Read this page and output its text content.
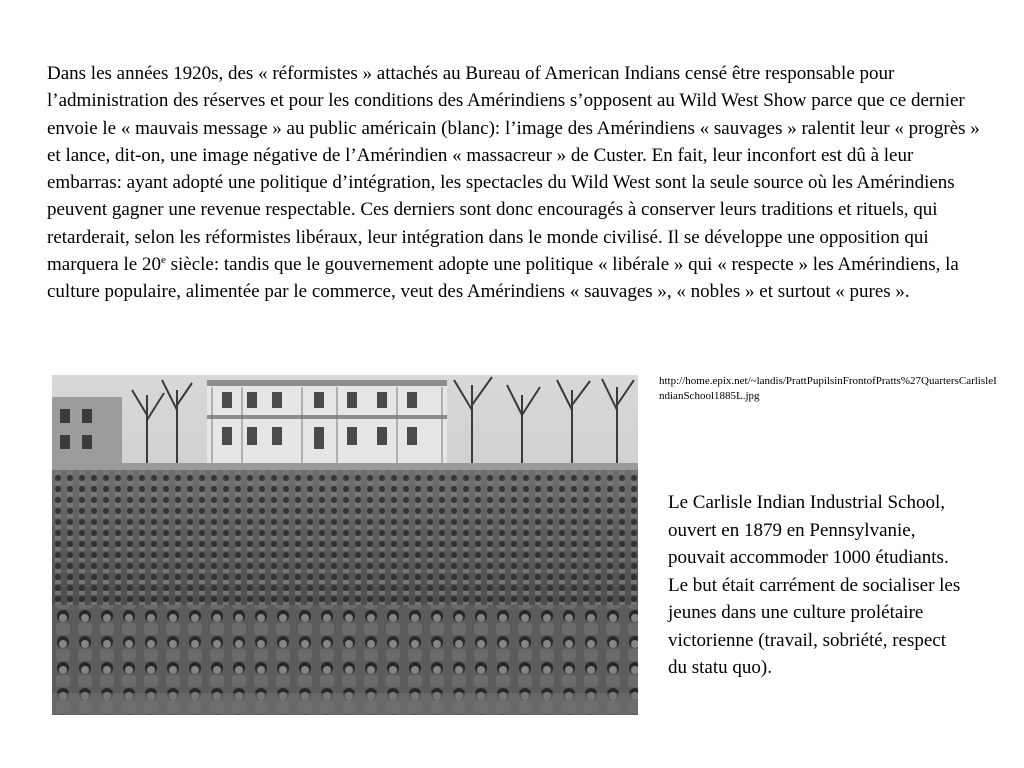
Dans les années 1920s, des « réformistes » attachés au Bureau of American Indians censé être responsable pour l’administration des réserves et pour les conditions des Amérindiens s’opposent au Wild West Show parce que ce dernier envoie le « mauvais message » au public américain (blanc): l’image des Amérindiens « sauvages » ralentit leur « progrès » et lance, dit-on, une image négative de l’Amérindien « massacreur » de Custer. En fait, leur inconfort est dû à leur embarras: ayant adopté une politique d’intégration, les spectacles du Wild West sont la seule source où les Amérindiens peuvent gagner une revenue respectable. Ces derniers sont donc encouragés à conserver leurs traditions et rituels, qui retarderait, selon les réformistes libéraux, leur intégration dans le monde civilisé. Il se développe une opposition qui marquera le 20e siècle: tandis que le gouvernement adopte une politique « libérale » qui « respecte » les Amérindiens, la culture populaire, alimentée par le commerce, veut des Amérindiens « sauvages », « nobles » et surtout « pures ».

http://home.epix.net/~landis/PrattPupilsinFrontofPratts%27QuartersCarlisleIndianSchool1885L.jpg

Le Carlisle Indian Industrial School, ouvert en 1879 en Pennsylvanie, pouvait accommoder 1000 étudiants. Le but était carrément de socialiser les jeunes dans une culture prolétaire victorienne (travail, sobriété, respect du statu quo).
